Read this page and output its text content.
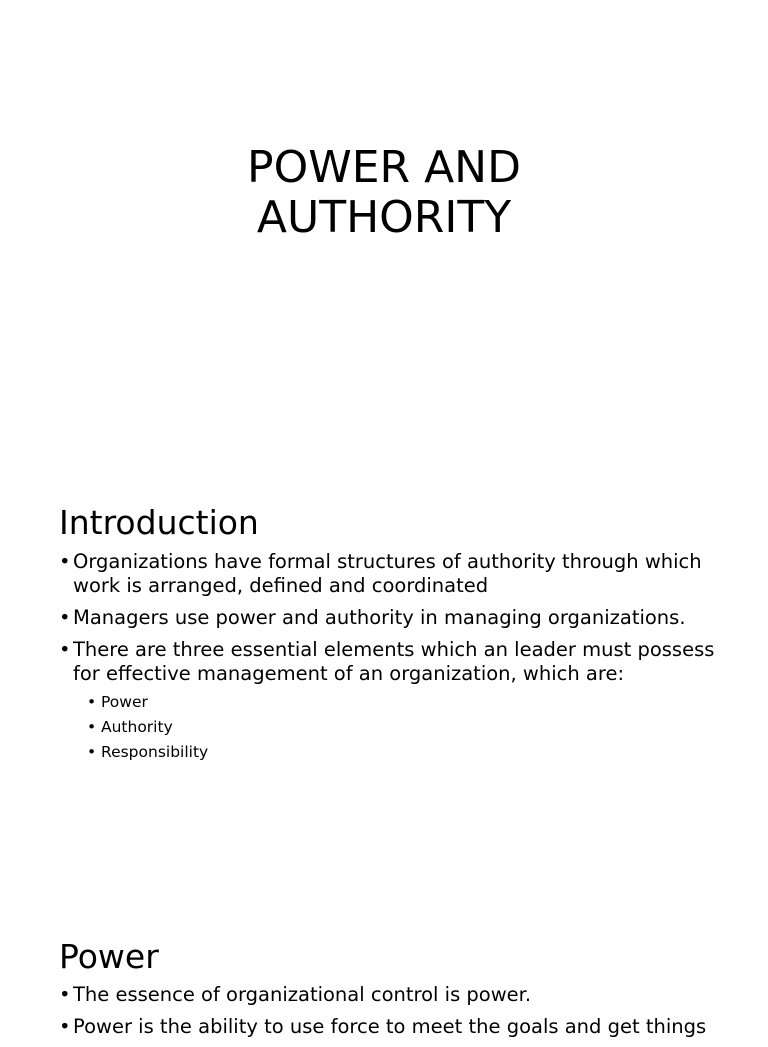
POWER AND
AUTHORITY
Introduction
• Organizations have formal structures of authority through which work is arranged, defined and coordinated
• Managers use power and authority in managing organizations.
• There are three essential elements which an leader must possess for effective management of an organization, which are:
• Power
• Authority
• Responsibility
Power
• The essence of organizational control is power.
• Power is the ability to use force to meet the goals and get things
